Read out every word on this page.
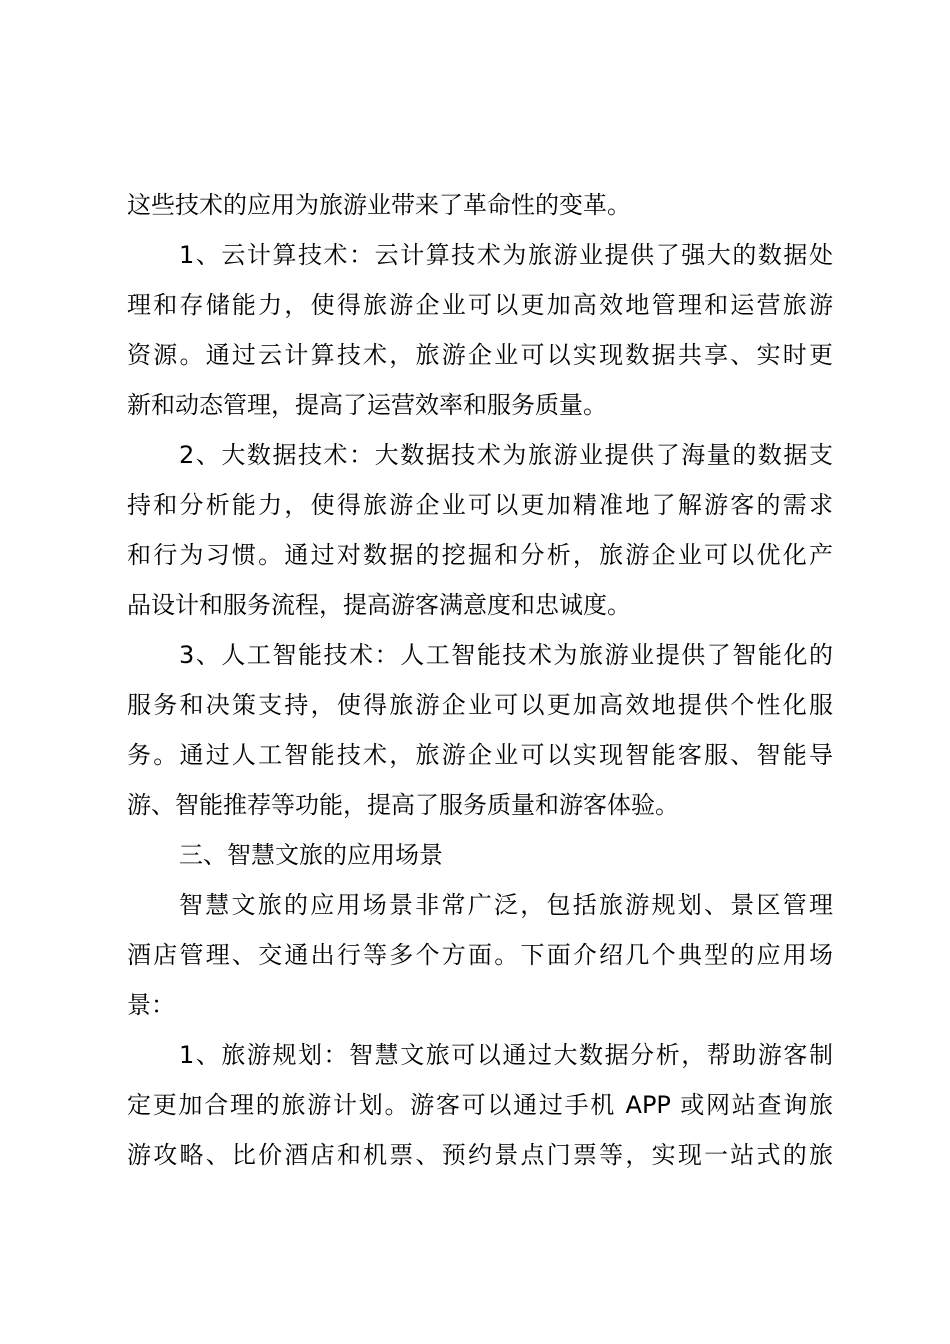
这些技术的应用为旅游业带来了革命性的变革。
1、云计算技术：云计算技术为旅游业提供了强大的数据处
理和存储能力，使得旅游企业可以更加高效地管理和运营旅游
资源。通过云计算技术，旅游企业可以实现数据共享、实时更
新和动态管理，提高了运营效率和服务质量。
2、大数据技术：大数据技术为旅游业提供了海量的数据支
持和分析能力，使得旅游企业可以更加精准地了解游客的需求
和行为习惯。通过对数据的挖掘和分析，旅游企业可以优化产
品设计和服务流程，提高游客满意度和忠诚度。
3、人工智能技术：人工智能技术为旅游业提供了智能化的
服务和决策支持，使得旅游企业可以更加高效地提供个性化服
务。通过人工智能技术，旅游企业可以实现智能客服、智能导
游、智能推荐等功能，提高了服务质量和游客体验。
三、智慧文旅的应用场景
智慧文旅的应用场景非常广泛，包括旅游规划、景区管理
酒店管理、交通出行等多个方面。下面介绍几个典型的应用场
景：
1、旅游规划：智慧文旅可以通过大数据分析，帮助游客制
定更加合理的旅游计划。游客可以通过手机 APP 或网站查询旅
游攻略、比价酒店和机票、预约景点门票等，实现一站式的旅
